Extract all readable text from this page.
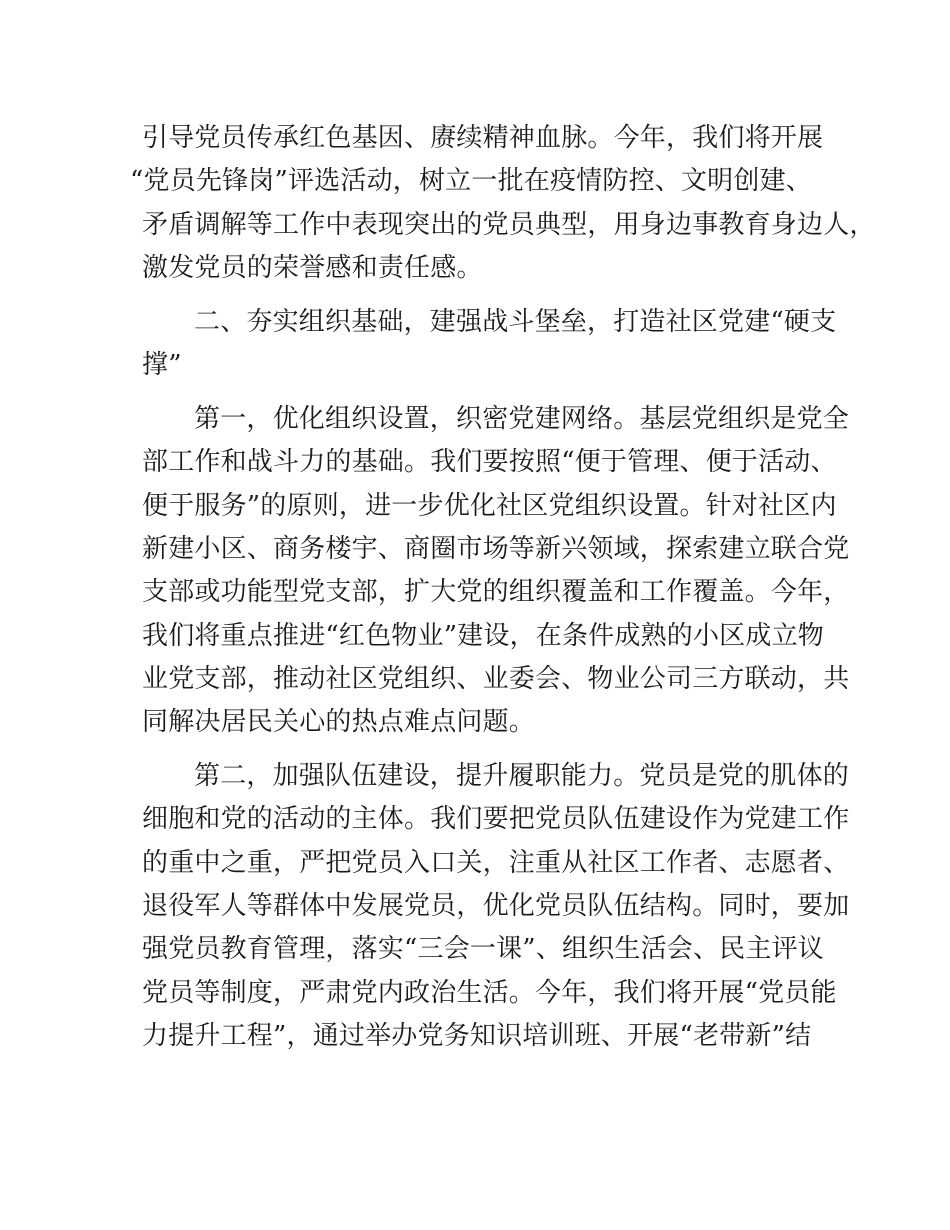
引导党员传承红色基因、赓续精神血脉。今年，我们将开展
“党员先锋岗”评选活动，树立一批在疫情防控、文明创建、
矛盾调解等工作中表现突出的党员典型，用身边事教育身边人，
激发党员的荣誉感和责任感。
二、夯实组织基础，建强战斗堡垒，打造社区党建“硬支
撑”
第一，优化组织设置，织密党建网络。基层党组织是党全
部工作和战斗力的基础。我们要按照“便于管理、便于活动、
便于服务”的原则，进一步优化社区党组织设置。针对社区内
新建小区、商务楼宇、商圈市场等新兴领域，探索建立联合党
支部或功能型党支部，扩大党的组织覆盖和工作覆盖。今年，
我们将重点推进“红色物业”建设，在条件成熟的小区成立物
业党支部，推动社区党组织、业委会、物业公司三方联动，共
同解决居民关心的热点难点问题。
第二，加强队伍建设，提升履职能力。党员是党的肌体的
细胞和党的活动的主体。我们要把党员队伍建设作为党建工作
的重中之重，严把党员入口关，注重从社区工作者、志愿者、
退役军人等群体中发展党员，优化党员队伍结构。同时，要加
强党员教育管理，落实“三会一课”、组织生活会、民主评议
党员等制度，严肃党内政治生活。今年，我们将开展“党员能
力提升工程”，通过举办党务知识培训班、开展“老带新”结
